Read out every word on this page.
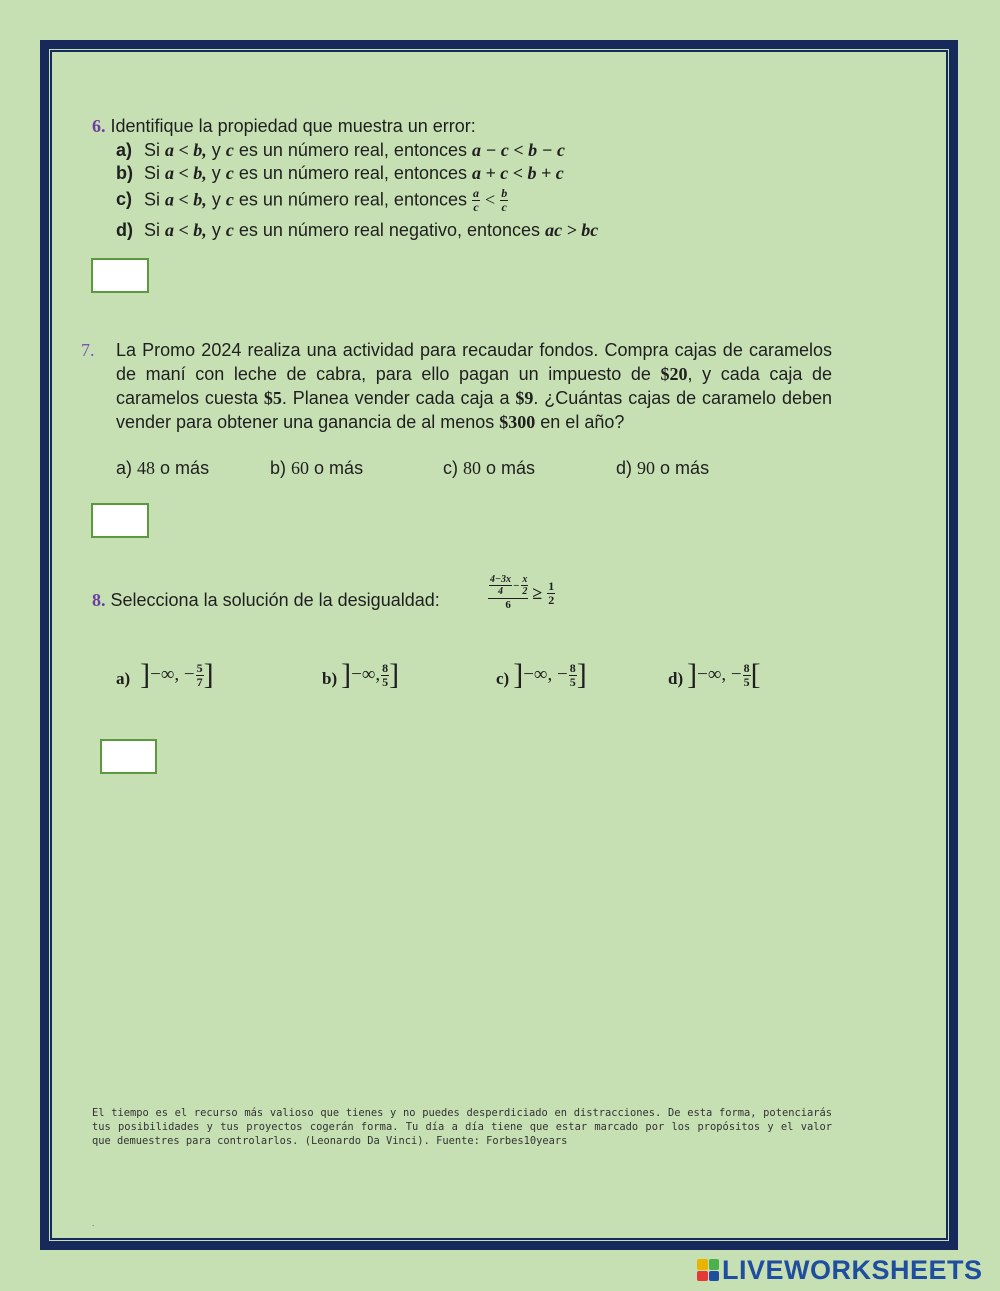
6. Identifique la propiedad que muestra un error:
a) Si a < b, y c es un número real, entonces a − c < b − c
b) Si a < b, y c es un número real, entonces a + c < b + c
c) Si a < b, y c es un número real, entonces $\frac{a}{c} < \frac{b}{c}$
d) Si a < b, y c es un número real negativo, entonces ac > bc
7. La Promo 2024 realiza una actividad para recaudar fondos. Compra cajas de caramelos de maní con leche de cabra, para ello pagan un impuesto de $20, y cada caja de caramelos cuesta $5. Planea vender cada caja a $9. ¿Cuántas cajas de caramelo deben vender para obtener una ganancia de al menos $300 en el año?
a) 48 o más	b) 60 o más	c) 80 o más	d) 90 o más
8. Selecciona la solución de la desigualdad:
4−3x
$4 - \frac{x}{2}$
6
≥ $\frac{1}{2}$
a) ] −∞, − $\frac{5}{7}$ ]	b) ] −∞, 8
5 ]	c) ] −∞, − $\frac{8}{5}$ ]	d) ] −∞, − $\frac{8}{5}$ [
El tiempo es el recurso más valioso que tienes y no puedes desperdiciado en distracciones. De esta forma, potenciarás tus posibilidades y tus proyectos cogerán forma. Tu día a día tiene que estar marcado por los propósitos y el valor que demuestres para controlarlos. (Leonardo Da Vinci). Fuente: Forbes10years
.
LIVEWORKSHEETS
